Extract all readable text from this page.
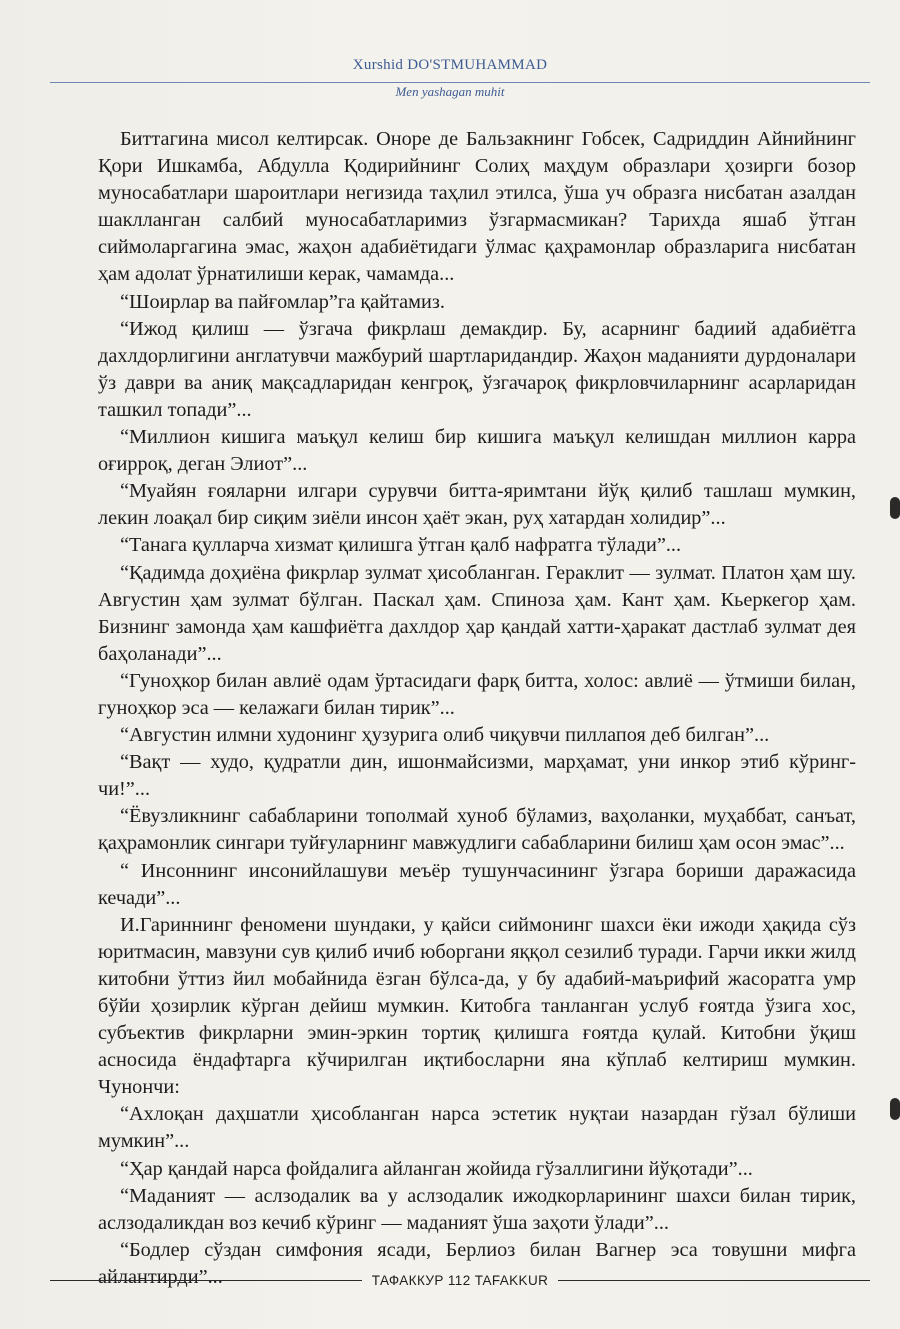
Xurshid DO'STMUHAMMAD
Men yashagan muhit

Биттагина мисол келтирсак. Оноре де Бальзакнинг Гобсек, Садриддин Айнийнинг Қори Ишкамба, Абдулла Қодирийнинг Солиҳ маҳдум образлари ҳозирги бозор муносабатлари шароитлари негизида таҳлил этилса, ўша уч образга нисбатан азалдан шаклланган салбий муносабатларимиз ўзгармасмикан? Тарихда яшаб ўтган сиймоларгагина эмас, жаҳон адабиётидаги ўлмас қаҳрамонлар образларига нисбатан ҳам адолат ўрнатилиши керак, чамамда...

“Шоирлар ва пайғомлар”га қайтамиз.

“Ижод қилиш — ўзгача фикрлаш демакдир. Бу, асарнинг бадиий адабиётга дахлдорлигини англатувчи мажбурий шартларидандир. Жаҳон маданияти дурдоналари ўз даври ва аниқ мақсадларидан кенгроқ, ўзгачароқ фикрловчиларнинг асарларидан ташкил топади”...

“Миллион кишига маъқул келиш бир кишига маъқул келишдан миллион карра оғирроқ, деган Элиот”...

“Муайян ғояларни илгари сурувчи битта-яримтани йўқ қилиб ташлаш мумкин, лекин лоақал бир сиқим зиёли инсон ҳаёт экан, руҳ хатардан холидир”...

“Танага қулларча хизмат қилишга ўтган қалб нафратга тўлади”...

“Қадимда доҳиёна фикрлар зулмат ҳисобланган. Гераклит — зулмат. Платон ҳам шу. Августин ҳам зулмат бўлган. Паскал ҳам. Спиноза ҳам. Кант ҳам. Кьеркегор ҳам. Бизнинг замонда ҳам кашфиётга дахлдор ҳар қандай хатти-ҳаракат дастлаб зулмат дея баҳоланади”...

“Гуноҳкор билан авлиё одам ўртасидаги фарқ битта, холос: авлиё — ўтмиши билан, гуноҳкор эса — келажаги билан тирик”...

“Августин илмни худонинг ҳузурига олиб чиқувчи пиллапоя деб билган”...

“Вақт — худо, қудратли дин, ишонмайсизми, марҳамат, уни инкор этиб кўринг-чи!”...

“Ёвузликнинг сабабларини тополмай хуноб бўламиз, ваҳоланки, муҳаббат, санъат, қаҳрамонлик сингари туйғуларнинг мавжудлиги сабабларини билиш ҳам осон эмас”...

“ Инсоннинг инсонийлашуви меъёр тушунчасининг ўзгара бориши даражасида кечади”...

И.Гариннинг феномени шундаки, у қайси сиймонинг шахси ёки ижоди ҳақида сўз юритмасин, мавзуни сув қилиб ичиб юборгани яққол сезилиб туради. Гарчи икки жилд китобни ўттиз йил мобайнида ёзган бўлса-да, у бу адабий-маърифий жасоратга умр бўйи ҳозирлик кўрган дейиш мумкин. Китобга танланган услуб ғоятда ўзига хос, субъектив фикрларни эмин-эркин тортиқ қилишга ғоятда қулай. Китобни ўқиш асносида ёндафтарга кўчирилган иқтибосларни яна кўплаб келтириш мумкин. Чунончи:

“Ахлоқан даҳшатли ҳисобланган нарса эстетик нуқтаи назардан гўзал бўлиши мумкин”...

“Ҳар қандай нарса фойдалига айланган жойида гўзаллигини йўқотади”...

“Маданият — аслзодалик ва у аслзодалик ижодкорларининг шахси билан тирик, аслзодаликдан воз кечиб кўринг — маданият ўша заҳоти ўлади”...

“Бодлер сўздан симфония ясади, Берлиоз билан Вагнер эса товушни мифга айлантирди”...	ТАФАККУР 112 TAFAKKUR
